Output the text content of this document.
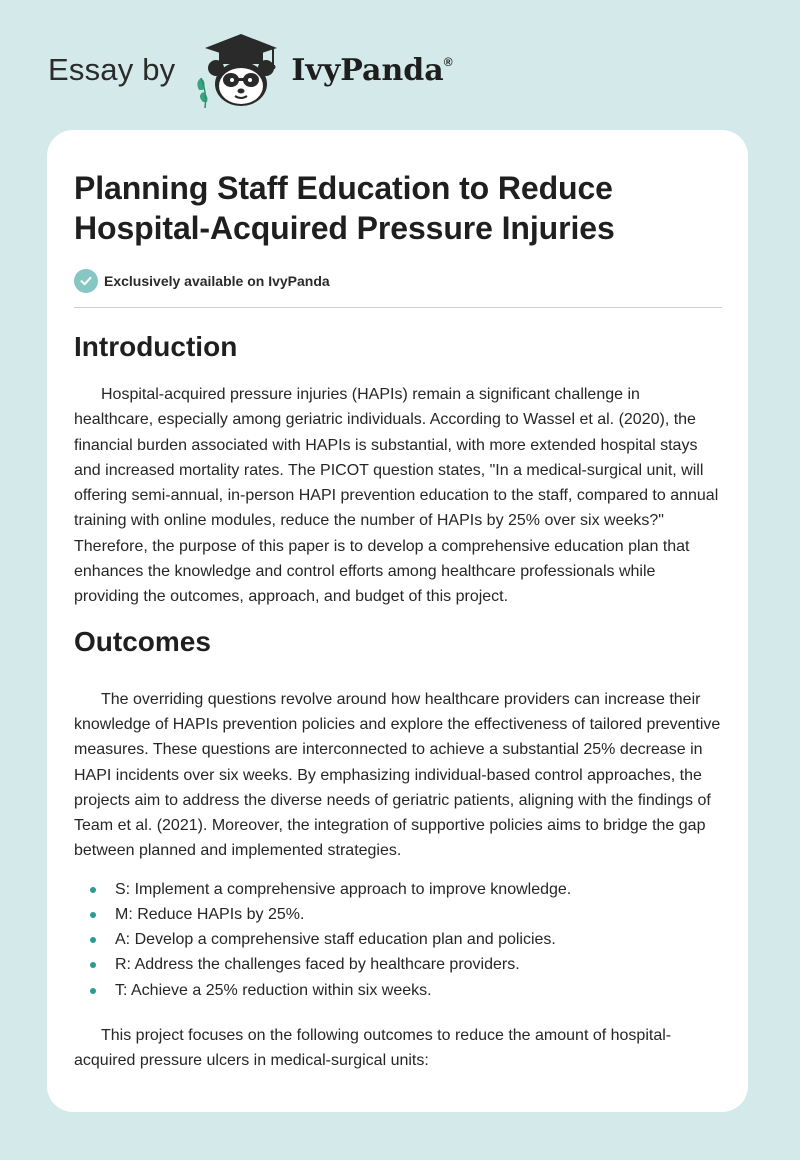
Essay by	IvyPanda®
Planning Staff Education to Reduce Hospital-Acquired Pressure Injuries
Exclusively available on IvyPanda
Introduction

Hospital-acquired pressure injuries (HAPIs) remain a significant challenge in healthcare, especially among geriatric individuals. According to Wassel et al. (2020), the financial burden associated with HAPIs is substantial, with more extended hospital stays and increased mortality rates. The PICOT question states, "In a medical-surgical unit, will offering semi-annual, in-person HAPI prevention education to the staff, compared to annual training with online modules, reduce the number of HAPIs by 25% over six weeks?" Therefore, the purpose of this paper is to develop a comprehensive education plan that enhances the knowledge and control efforts among healthcare professionals while providing the outcomes, approach, and budget of this project.

Outcomes

The overriding questions revolve around how healthcare providers can increase their knowledge of HAPIs prevention policies and explore the effectiveness of tailored preventive measures. These questions are interconnected to achieve a substantial 25% decrease in HAPI incidents over six weeks. By emphasizing individual-based control approaches, the projects aim to address the diverse needs of geriatric patients, aligning with the findings of Team et al. (2021). Moreover, the integration of supportive policies aims to bridge the gap between planned and implemented strategies.

S: Implement a comprehensive approach to improve knowledge.
M: Reduce HAPIs by 25%.
A: Develop a comprehensive staff education plan and policies.
R: Address the challenges faced by healthcare providers.
T: Achieve a 25% reduction within six weeks.

This project focuses on the following outcomes to reduce the amount of hospital-acquired pressure ulcers in medical-surgical units:
